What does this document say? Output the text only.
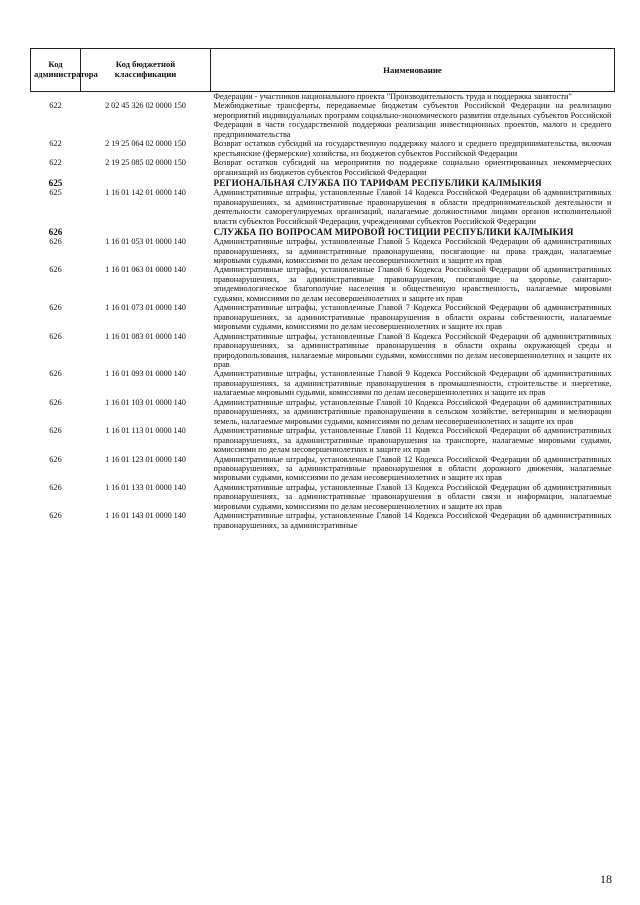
Код администратора	Код бюджетной классификации	Наименование
		Федерации - участников национального проекта "Производительность труда и поддержка занятости"
622	2 02 45 326 02 0000 150	Межбюджетные трансферты, передаваемые бюджетам субъектов Российской Федерации на реализацию мероприятий индивидуальных программ социально-экономического развития отдельных субъектов Российской Федерации в части государственной поддержки реализации инвестиционных проектов, малого и среднего предпринимательства
622	2 19 25 064 02 0000 150	Возврат остатков субсидий на государственную поддержку малого и среднего предпринимательства, включая крестьянские (фермерские) хозяйства, из бюджетов субъектов Российской Федерации
622	2 19 25 085 02 0000 150	Возврат остатков субсидий на мероприятия по поддержке социально ориентированных некоммерческих организаций из бюджетов субъектов Российской Федерации
625		РЕГИОНАЛЬНАЯ СЛУЖБА ПО ТАРИФАМ РЕСПУБЛИКИ КАЛМЫКИЯ
625	1 16 01 142 01 0000 140	Административные штрафы, установленные Главой 14 Кодекса Российской Федерации об административных правонарушениях, за административные правонарушения в области предпринимательской деятельности и деятельности саморегулируемых организаций, налагаемые должностными лицами органов исполнительной власти субъектов Российской Федерации, учреждениями субъектов Российской Федерации
626		СЛУЖБА ПО ВОПРОСАМ МИРОВОЙ ЮСТИЦИИ РЕСПУБЛИКИ КАЛМЫКИЯ
626	1 16 01 053 01 0000 140	Административные штрафы, установленные Главой 5 Кодекса Российской Федерации об административных правонарушениях, за административные правонарушения, посягающие на права граждан, налагаемые мировыми судьями, комиссиями по делам несовершеннолетних и защите их прав
626	1 16 01 063 01 0000 140	Административные штрафы, установленные Главой 6 Кодекса Российской Федерации об административных правонарушениях, за административные правонарушения, посягающие на здоровье, санитарно-эпидемиологическое благополучие населения и общественную нравственность, налагаемые мировыми судьями, комиссиями по делам несовершеннолетних и защите их прав
626	1 16 01 073 01 0000 140	Административные штрафы, установленные Главой 7 Кодекса Российской Федерации об административных правонарушениях, за административные правонарушения в области охраны собственности, налагаемые мировыми судьями, комиссиями по делам несовершеннолетних и защите их прав
626	1 16 01 083 01 0000 140	Административные штрафы, установленные Главой 8 Кодекса Российской Федерации об административных правонарушениях, за административные правонарушения в области охраны окружающей среды и природопользования, налагаемые мировыми судьями, комиссиями по делам несовершеннолетних и защите их прав
626	1 16 01 093 01 0000 140	Административные штрафы, установленные Главой 9 Кодекса Российской Федерации об административных правонарушениях, за административные правонарушения в промышленности, строительстве и энергетике, налагаемые мировыми судьями, комиссиями по делам несовершеннолетних и защите их прав
626	1 16 01 103 01 0000 140	Административные штрафы, установленные Главой 10 Кодекса Российской Федерации об административных правонарушениях, за административные правонарушения в сельском хозяйстве, ветеринарии и мелиорации земель, налагаемые мировыми судьями, комиссиями по делам несовершеннолетних и защите их прав
626	1 16 01 113 01 0000 140	Административные штрафы, установленные Главой 11 Кодекса Российской Федерации об административных правонарушениях, за административные правонарушения на транспорте, налагаемые мировыми судьями, комиссиями по делам несовершеннолетних и защите их прав
626	1 16 01 123 01 0000 140	Административные штрафы, установленные Главой 12 Кодекса Российской Федерации об административных правонарушениях, за административные правонарушения в области дорожного движения, налагаемые мировыми судьями, комиссиями по делам несовершеннолетних и защите их прав
626	1 16 01 133 01 0000 140	Административные штрафы, установленные Главой 13 Кодекса Российской Федерации об административных правонарушениях, за административные правонарушения в области связи и информации, налагаемые мировыми судьями, комиссиями по делам несовершеннолетних и защите их прав
626	1 16 01 143 01 0000 140	Административные штрафы, установленные Главой 14 Кодекса Российской Федерации об административных правонарушениях, за административные
18
